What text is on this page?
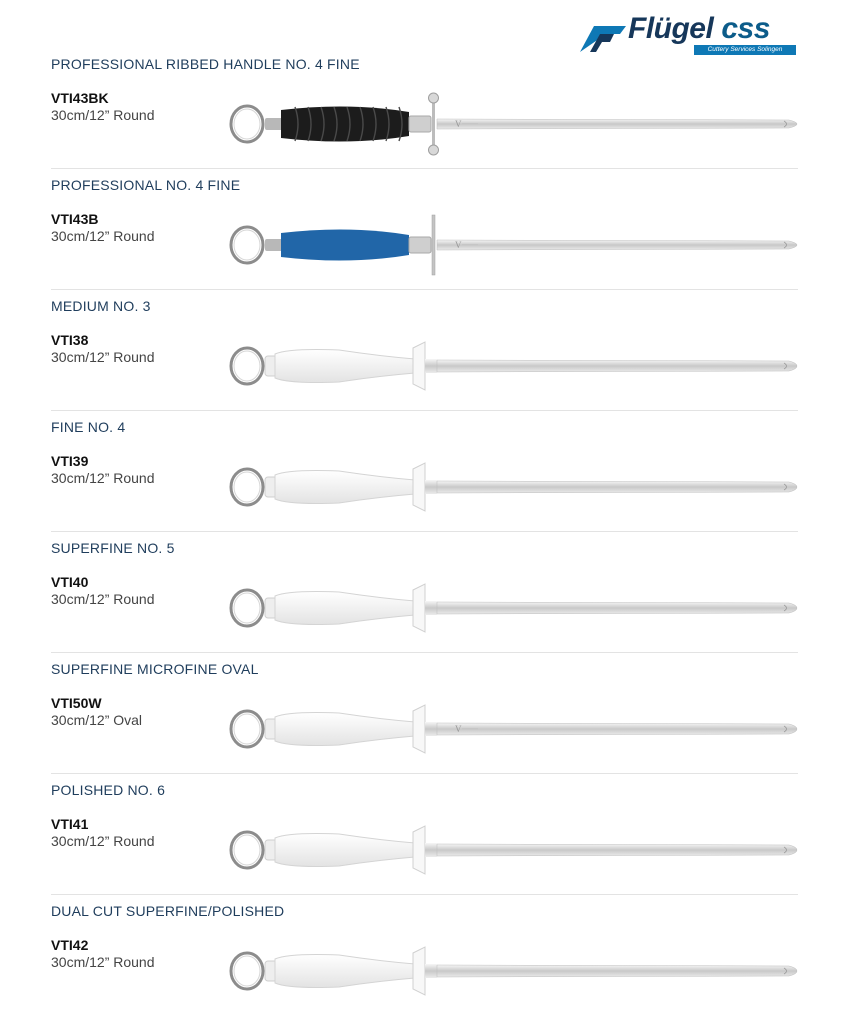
Flügel css
Cuttery Services Solingen
PROFESSIONAL RIBBED HANDLE NO. 4 FINE
VTI43BK
30cm/12” Round
V
PROFESSIONAL NO. 4 FINE
VTI43B
30cm/12” Round
V
MEDIUM NO. 3
VTI38
30cm/12” Round
FINE NO. 4
VTI39
30cm/12” Round
SUPERFINE NO. 5
VTI40
30cm/12” Round
SUPERFINE MICROFINE OVAL
VTI50W
30cm/12” Oval
V
POLISHED NO. 6
VTI41
30cm/12” Round
DUAL CUT SUPERFINE/POLISHED
VTI42
30cm/12” Round
